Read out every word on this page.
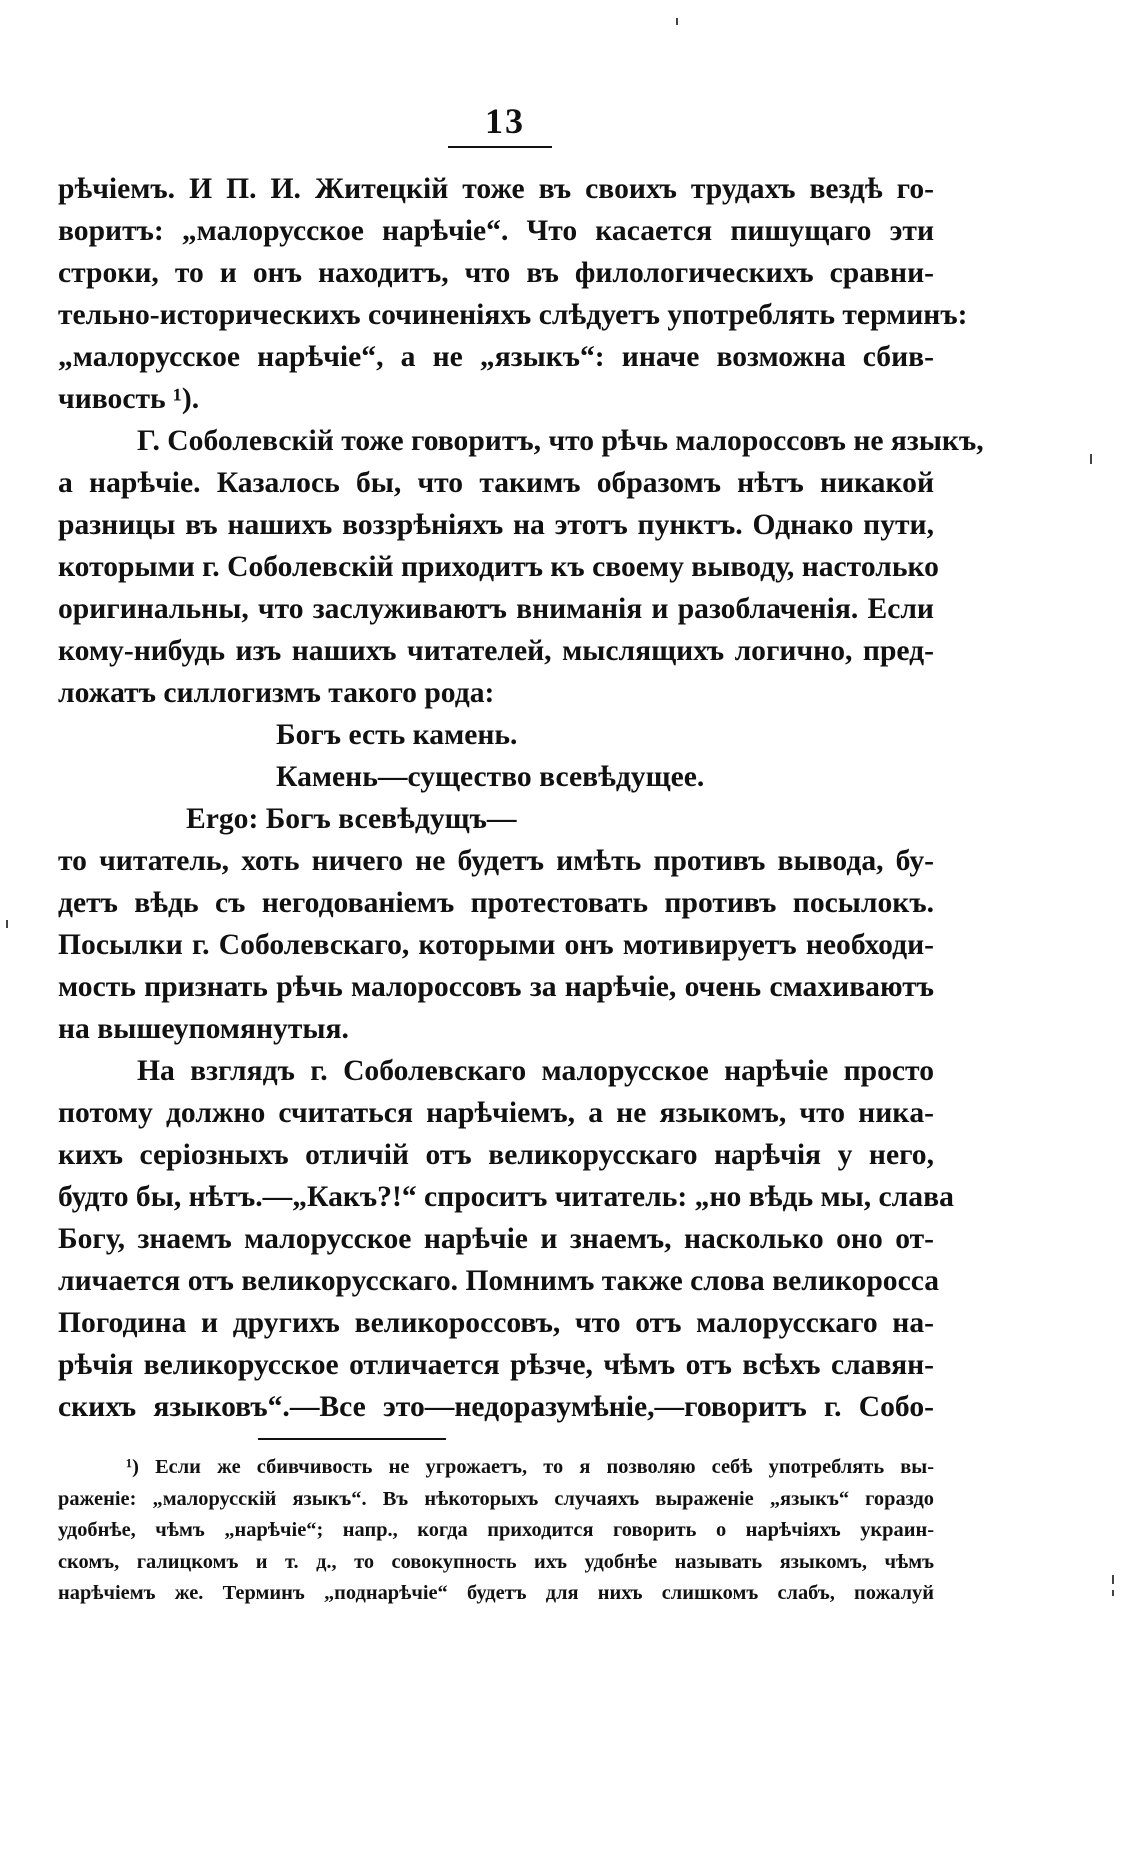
13
рѣчіемъ. И П. И. Житецкій тоже въ своихъ трудахъ вездѣ го-
воритъ: „малорусское нарѣчіе“. Что касается пишущаго эти
строки, то и онъ находитъ, что въ филологическихъ сравни-
тельно-историческихъ сочиненіяхъ слѣдуетъ употреблять терминъ:
„малорусское нарѣчіе“, а не „языкъ“: иначе возможна сбив-
чивость ¹).
Г. Соболевскій тоже говоритъ, что рѣчь малороссовъ не языкъ,
а нарѣчіе. Казалось бы, что такимъ образомъ нѣтъ никакой
разницы въ нашихъ воззрѣніяхъ на этотъ пунктъ. Однако пути,
которыми г. Соболевскій приходитъ къ своему выводу, настолько
оригинальны, что заслуживаютъ вниманія и разоблаченія. Если
кому-нибудь изъ нашихъ читателей, мыслящихъ логично, пред-
ложатъ силлогизмъ такого рода:
Богъ есть камень.
Камень—существо всевѣдущее.
Ergo: Богъ всевѣдущъ—
то читатель, хоть ничего не будетъ имѣть противъ вывода, бу-
детъ вѣдь съ негодованіемъ протестовать противъ посылокъ.
Посылки г. Соболевскаго, которыми онъ мотивируетъ необходи-
мость признать рѣчь малороссовъ за нарѣчіе, очень смахиваютъ
на вышеупомянутыя.
На взглядъ г. Соболевскаго малорусское нарѣчіе просто
потому должно считаться нарѣчіемъ, а не языкомъ, что никa-
кихъ серіозныхъ отличій отъ великорусскаго нарѣчія у него,
будто бы, нѣтъ.—„Какъ?!“ спроситъ читатель: „но вѣдь мы, слава
Богу, знаемъ малорусское нарѣчіе и знаемъ, насколько оно от-
личается отъ великорусскаго. Помнимъ также слова великоросса
Погодина и другихъ великороссовъ, что отъ малорусскаго на-
рѣчія великорусское отличается рѣзче, чѣмъ отъ всѣхъ славян-
скихъ языковъ“.—Все это—недоразумѣніе,—говоритъ г. Собо-
¹) Если же сбивчивость не угрожаетъ, то я позволяю себѣ употреблять вы-
раженіе: „малорусскій языкъ“. Въ нѣкоторыхъ случаяхъ выраженіе „языкъ“ гораздо
удобнѣе, чѣмъ „нарѣчіе“; напр., когда приходится говорить о нарѣчіяхъ украин-
скомъ, галицкомъ и т. д., то совокупность ихъ удобнѣе называть языкомъ, чѣмъ
нарѣчіемъ же. Терминъ „поднарѣчіе“ будетъ для нихъ слишкомъ слабъ, пожалуй
